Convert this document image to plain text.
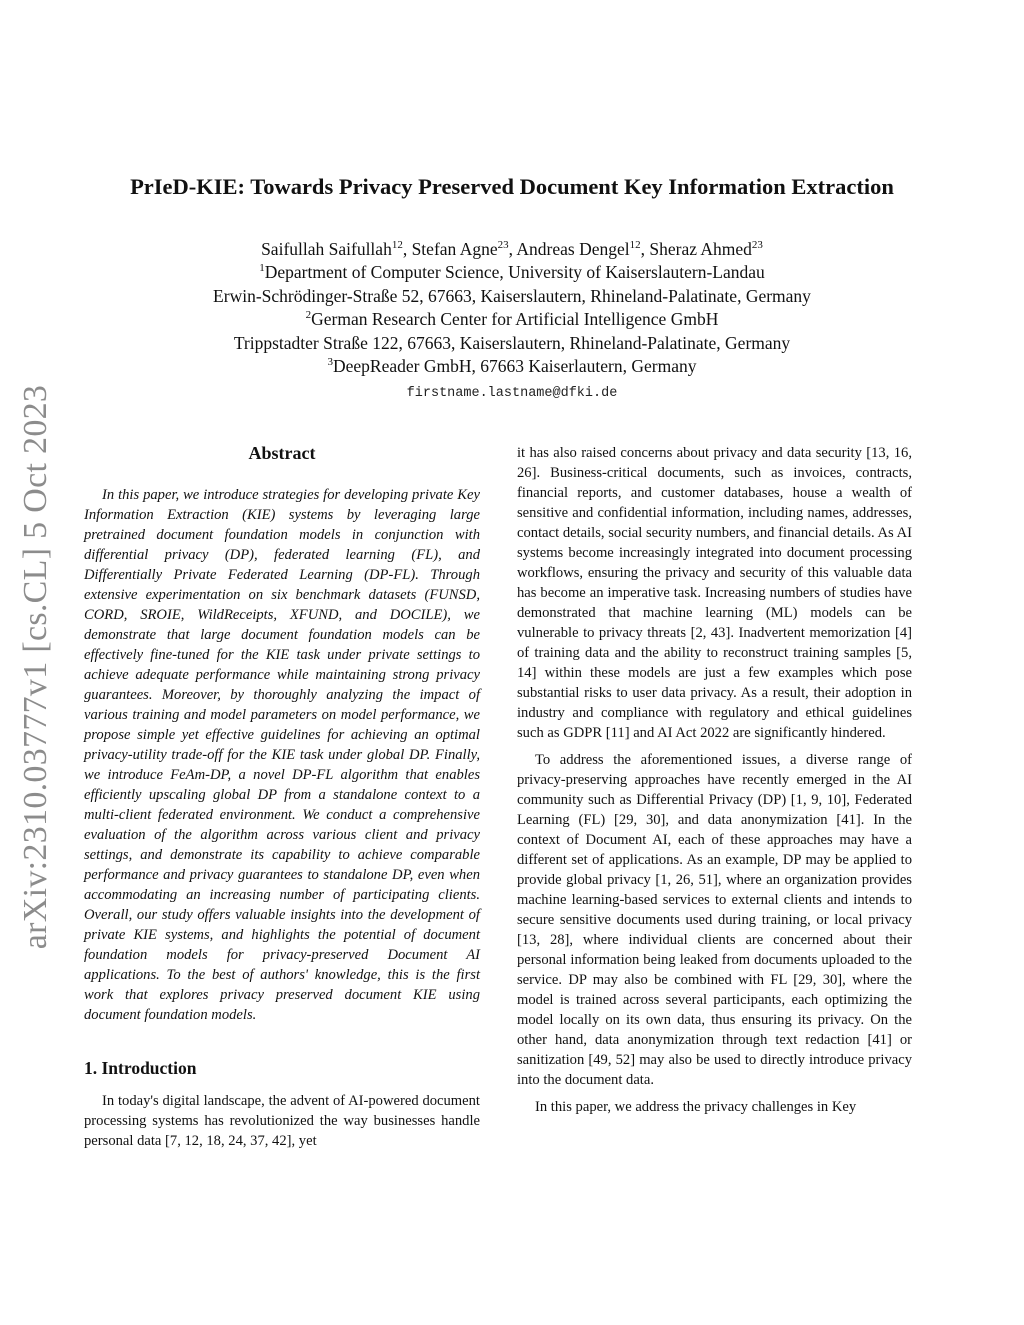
arXiv:2310.03777v1 [cs.CL] 5 Oct 2023
PrIeD-KIE: Towards Privacy Preserved Document Key Information Extraction
Saifullah Saifullah$^{12}$, Stefan Agne$^{23}$, Andreas Dengel$^{12}$, Sheraz Ahmed$^{23}$
$^1$Department of Computer Science, University of Kaiserslautern-Landau
Erwin-Schrödinger-Straße 52, 67663, Kaiserslautern, Rhineland-Palatinate, Germany
$^2$German Research Center for Artificial Intelligence GmbH
Trippstadter Straße 122, 67663, Kaiserslautern, Rhineland-Palatinate, Germany
$^3$DeepReader GmbH, 67663 Kaiserlautern, Germany
firstname.lastname@dfki.de
Abstract

In this paper, we introduce strategies for developing private Key Information Extraction (KIE) systems by leveraging large pretrained document foundation models in conjunction with differential privacy (DP), federated learning (FL), and Differentially Private Federated Learning (DP-FL). Through extensive experimentation on six benchmark datasets (FUNSD, CORD, SROIE, WildReceipts, XFUND, and DOCILE), we demonstrate that large document foundation models can be effectively fine-tuned for the KIE task under private settings to achieve adequate performance while maintaining strong privacy guarantees. Moreover, by thoroughly analyzing the impact of various training and model parameters on model performance, we propose simple yet effective guidelines for achieving an optimal privacy-utility trade-off for the KIE task under global DP. Finally, we introduce FeAm-DP, a novel DP-FL algorithm that enables efficiently upscaling global DP from a standalone context to a multi-client federated environment. We conduct a comprehensive evaluation of the algorithm across various client and privacy settings, and demonstrate its capability to achieve comparable performance and privacy guarantees to standalone DP, even when accommodating an increasing number of participating clients. Overall, our study offers valuable insights into the development of private KIE systems, and highlights the potential of document foundation models for privacy-preserved Document AI applications. To the best of authors' knowledge, this is the first work that explores privacy preserved document KIE using document foundation models.

1. Introduction

In today's digital landscape, the advent of AI-powered document processing systems has revolutionized the way businesses handle personal data [7, 12, 18, 24, 37, 42], yet

it has also raised concerns about privacy and data security [13, 16, 26]. Business-critical documents, such as invoices, contracts, financial reports, and customer databases, house a wealth of sensitive and confidential information, including names, addresses, contact details, social security numbers, and financial details. As AI systems become increasingly integrated into document processing workflows, ensuring the privacy and security of this valuable data has become an imperative task. Increasing numbers of studies have demonstrated that machine learning (ML) models can be vulnerable to privacy threats [2, 43]. Inadvertent memorization [4] of training data and the ability to reconstruct training samples [5, 14] within these models are just a few examples which pose substantial risks to user data privacy. As a result, their adoption in industry and compliance with regulatory and ethical guidelines such as GDPR [11] and AI Act 2022 are significantly hindered.

To address the aforementioned issues, a diverse range of privacy-preserving approaches have recently emerged in the AI community such as Differential Privacy (DP) [1, 9, 10], Federated Learning (FL) [29, 30], and data anonymization [41]. In the context of Document AI, each of these approaches may have a different set of applications. As an example, DP may be applied to provide global privacy [1, 26, 51], where an organization provides machine learning-based services to external clients and intends to secure sensitive documents used during training, or local privacy [13, 28], where individual clients are concerned about their personal information being leaked from documents uploaded to the service. DP may also be combined with FL [29, 30], where the model is trained across several participants, each optimizing the model locally on its own data, thus ensuring its privacy. On the other hand, data anonymization through text redaction [41] or sanitization [49, 52] may also be used to directly introduce privacy into the document data.

In this paper, we address the privacy challenges in Key
